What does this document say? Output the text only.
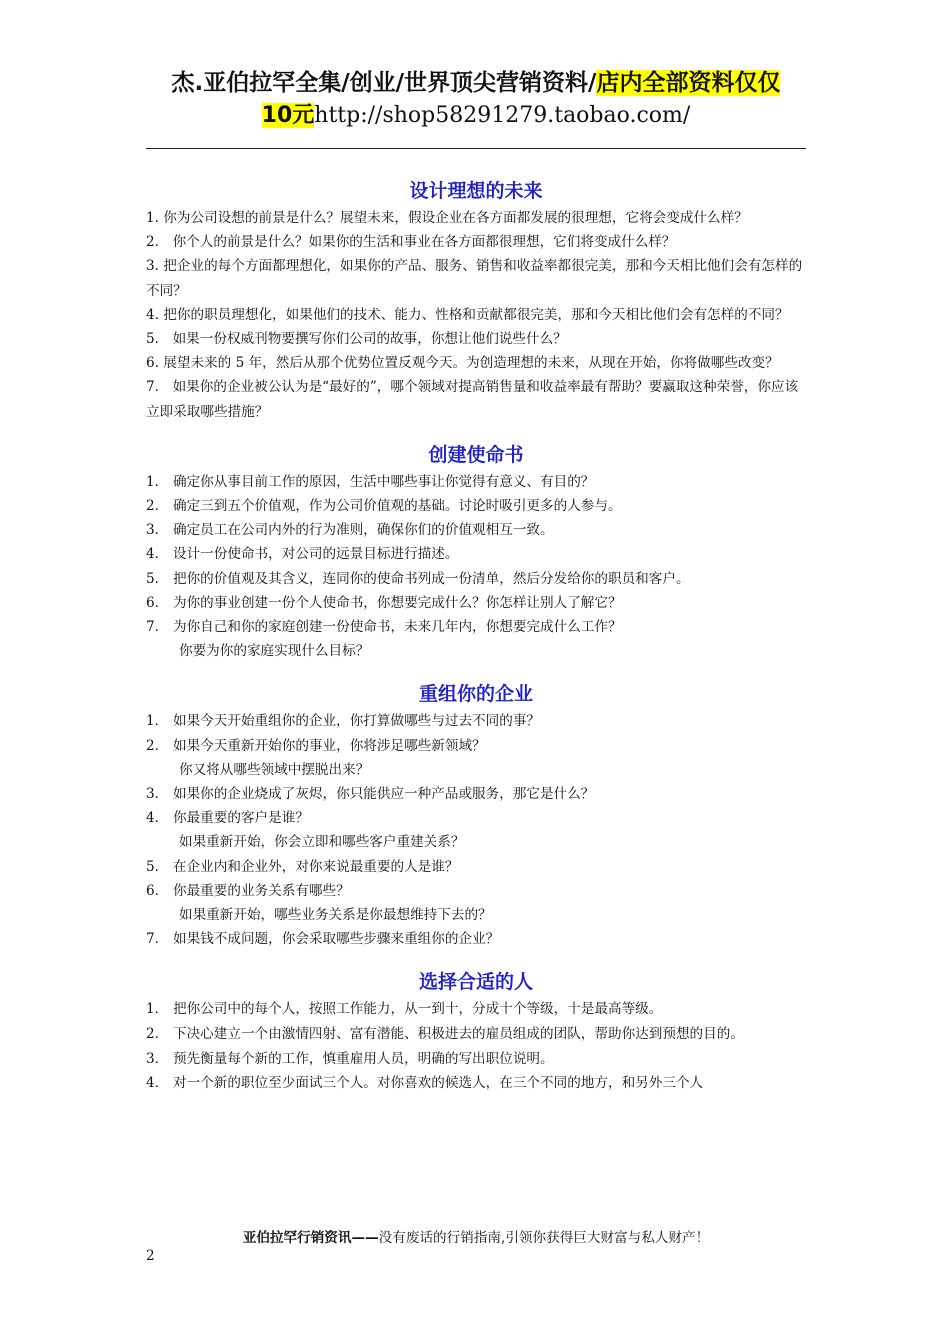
杰.亚伯拉罕全集/创业/世界顶尖营销资料/店内全部资料仅仅
10元http://shop58291279.taobao.com/
设计理想的未来
1. 你为公司设想的前景是什么？展望未来，假设企业在各方面都发展的很理想，它将会变成什么样？
2． 你个人的前景是什么？如果你的生活和事业在各方面都很理想，它们将变成什么样？
3. 把企业的每个方面都理想化，如果你的产品、服务、销售和收益率都很完美，那和今天相比他们会有怎样的不同？
4. 把你的职员理想化，如果他们的技术、能力、性格和贡献都很完美，那和今天相比他们会有怎样的不同？
5． 如果一份权威刊物要撰写你们公司的故事，你想让他们说些什么？
6. 展望未来的 5 年，然后从那个优势位置反观今天。为创造理想的未来，从现在开始，你将做哪些改变？
7． 如果你的企业被公认为是“最好的”，哪个领域对提高销售量和收益率最有帮助？要赢取这种荣誉，你应该立即采取哪些措施？
创建使命书
1． 确定你从事目前工作的原因，生活中哪些事让你觉得有意义、有目的？
2． 确定三到五个价值观，作为公司价值观的基础。讨论时吸引更多的人参与。
3． 确定员工在公司内外的行为准则，确保你们的价值观相互一致。
4． 设计一份使命书，对公司的远景目标进行描述。
5． 把你的价值观及其含义，连同你的使命书列成一份清单，然后分发给你的职员和客户。
6． 为你的事业创建一份个人使命书，你想要完成什么？你怎样让别人了解它？
7． 为你自己和你的家庭创建一份使命书，未来几年内，你想要完成什么工作？
你要为你的家庭实现什么目标？
重组你的企业
1． 如果今天开始重组你的企业，你打算做哪些与过去不同的事？
2． 如果今天重新开始你的事业，你将涉足哪些新领域？
你又将从哪些领域中摆脱出来？
3． 如果你的企业烧成了灰烬，你只能供应一种产品或服务，那它是什么？
4． 你最重要的客户是谁？
如果重新开始，你会立即和哪些客户重建关系？
5． 在企业内和企业外，对你来说最重要的人是谁？
6． 你最重要的业务关系有哪些？
如果重新开始，哪些业务关系是你最想维持下去的？
7． 如果钱不成问题，你会采取哪些步骤来重组你的企业？
选择合适的人
1． 把你公司中的每个人，按照工作能力，从一到十，分成十个等级，十是最高等级。
2． 下决心建立一个由激情四射、富有潜能、积极进去的雇员组成的团队，帮助你达到预想的目的。
3． 预先衡量每个新的工作，慎重雇用人员，明确的写出职位说明。
4． 对一个新的职位至少面试三个人。对你喜欢的候选人，在三个不同的地方，和另外三个人
亚伯拉罕行销资讯——没有废话的行销指南,引领你获得巨大财富与私人财产！
2
